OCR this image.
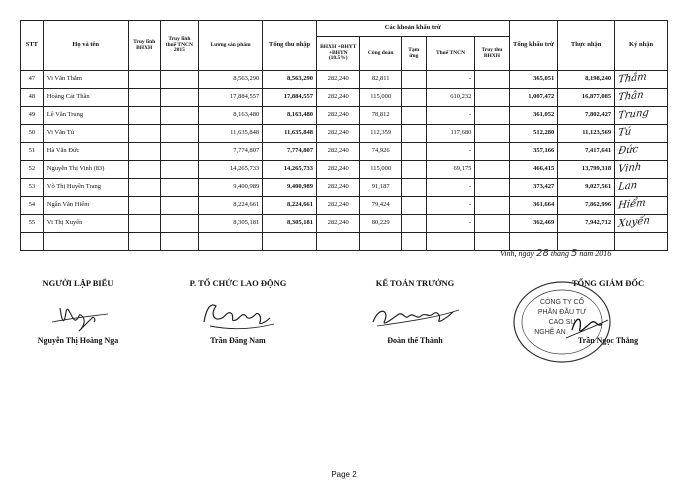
STT	Họ và tên	Truy lĩnh BHXH	Truy lĩnh thuế TNCN 2015	Lương sản phẩm	Tổng thu nhập	Các khoản khấu trừ					Tổng khấu trừ	Thực nhận	Ký nhận
						BHXH +BHYT +BHTN (10.5%)	Công đoàn	Tạm ứng	Thuế TNCN	Truy thu BHXH			
47	Vi Văn Thắm			8,563,290	8,563,290	282,240	82,811		-		365,051	8,198,240	Thắm
48	Hoàng Cát Thân			17,884,557	17,884,557	282,240	115,000		610,232		1,007,472	16,877,085	Thân
49	Lê Văn Trung			8,163,480	8,163,480	282,240	78,812		-		361,052	7,802,427	Trung
50	Vi Văn Tú			11,635,848	11,635,848	282,240	112,359		117,680		512,280	11,123,569	Tú
51	Hà Văn Đức			7,774,807	7,774,807	282,240	74,926		-		357,166	7,417,641	Đức
52	Nguyễn Thị Vinh (83)			14,265,733	14,265,733	282,240	115,000		69,175		466,415	13,799,318	Vinh
53	Võ Thị Huyền Trang			9,400,989	9,400,989	282,240	91,187		-		373,427	9,027,561	Lan
54	Ngân Văn Hiểm			8,224,661	8,224,661	282,240	79,424		-		361,664	7,862,996	Hiểm
55	Vi Thị Xuyến			8,305,181	8,305,181	282,240	80,229		-		362,469	7,942,712	Xuyến

Vinh, ngày 28 tháng 5 năm 2016
NGƯỜI LẬP BIỂU
Nguyễn Thị Hoàng Nga
P. TỔ CHỨC LAO ĐỘNG
Trần Đăng Nam
KẾ TOÁN TRƯỞNG
Đoàn thế Thành
TỔNG GIÁM ĐỐC
Trần Ngọc Thắng
CÔNG TY CỔ
PHẦN ĐẦU TƯ
CAO SU
NGHỆ AN
Page 2
